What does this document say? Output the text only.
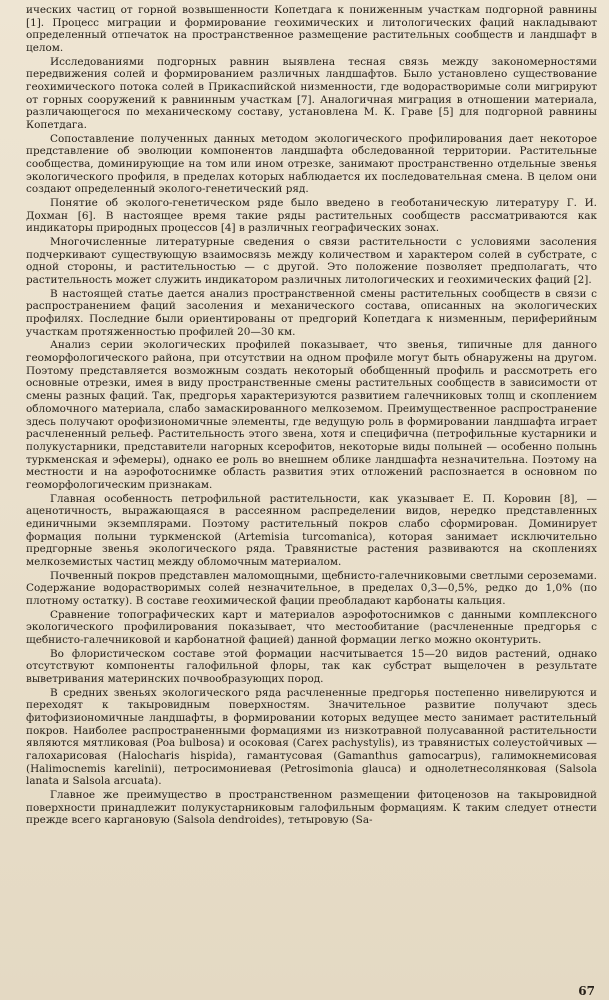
ических частиц от горной возвышенности Копетдага к пониженным участкам подгорной равнины [1]. Процесс миграции и формирование геохимических и литологических фаций накладывают определенный отпечаток на пространственное размещение растительных сообществ и ландшафт в целом.

Исследованиями подгорных равнин выявлена тесная связь между закономерностями передвижения солей и формированием различных ландшафтов. Было установлено существование геохимического потока солей в Прикаспийской низменности, где водорастворимые соли мигрируют от горных сооружений к равнинным участкам [7]. Аналогичная миграция в отношении материала, различающегося по механическому составу, установлена М. К. Граве [5] для подгорной равнины Копетдага.

Сопоставление полученных данных методом экологического профилирования дает некоторое представление об эволюции компонентов ландшафта обследованной территории. Растительные сообщества, доминирующие на том или ином отрезке, занимают пространственно отдельные звенья экологического профиля, в пределах которых наблюдается их последовательная смена. В целом они создают определенный эколого-генетический ряд.

Понятие об эколого-генетическом ряде было введено в геоботаническую литературу Г. И. Дохман [6]. В настоящее время такие ряды растительных сообществ рассматриваются как индикаторы природных процессов [4] в различных географических зонах.

Многочисленные литературные сведения о связи растительности с условиями засоления подчеркивают существующую взаимосвязь между количеством и характером солей в субстрате, с одной стороны, и растительностью — с другой. Это положение позволяет предполагать, что растительность может служить индикатором различных литологических и геохимических фаций [2].

В настоящей статье дается анализ пространственной смены растительных сообществ в связи с распространением фаций засоления и механического состава, описанных на экологических профилях. Последние были ориентированы от предгорий Копетдага к низменным, периферийным участкам протяженностью профилей 20—30 км.

Анализ серии экологических профилей показывает, что звенья, типичные для данного геоморфологического района, при отсутствии на одном профиле могут быть обнаружены на другом. Поэтому представляется возможным создать некоторый обобщенный профиль и рассмотреть его основные отрезки, имея в виду пространственные смены растительных сообществ в зависимости от смены разных фаций. Так, предгорья характеризуются развитием галечниковых толщ и скоплением обломочного материала, слабо замаскированного мелкоземом. Преимущественное распространение здесь получают орофизиономичные элементы, где ведущую роль в формировании ландшафта играет расчлененный рельеф. Растительность этого звена, хотя и специфична (петрофильные кустарники и полукустарники, представители нагорных ксерофитов, некоторые виды полыней — особенно полынь туркменская и эфемеры), однако ее роль во внешнем облике ландшафта незначительна. Поэтому на местности и на аэрофотоснимке область развития этих отложений распознается в основном по геоморфологическим признакам.

Главная особенность петрофильной растительности, как указывает Е. П. Коровин [8], — аценотичность, выражающаяся в рассеянном распределении видов, нередко представленных единичными экземплярами. Поэтому растительный покров слабо сформирован. Доминирует формация полыни туркменской (Artemisia turcomanica), которая занимает исключительно предгорные звенья экологического ряда. Травянистые растения развиваются на скоплениях мелкоземистых частиц между обломочным материалом.

Почвенный покров представлен маломощными, щебнисто-галечниковыми светлыми сероземами. Содержание водорастворимых солей незначительное, в пределах 0,3—0,5%, редко до 1,0% (по плотному остатку). В составе геохимической фации преобладают карбонаты кальция.

Сравнение топографических карт и материалов аэрофотоснимков с данными комплексного экологического профилирования показывает, что местообитание (расчлененные предгорья с щебнисто-галечниковой и карбонатной фацией) данной формации легко можно оконтурить.

Во флористическом составе этой формации насчитывается 15—20 видов растений, однако отсутствуют компоненты галофильной флоры, так как субстрат выщелочен в результате выветривания материнских почвообразующих пород.

В средних звеньях экологического ряда расчлененные предгорья постепенно нивелируются и переходят к такыровидным поверхностям. Значительное развитие получают здесь фитофизиономичные ландшафты, в формировании которых ведущее место занимает растительный покров. Наиболее распространенными формациями из низкотравной полусаванной растительности являются мятликовая (Poa bulbosa) и осоковая (Carex pachystylis), из травянистых солеустойчивых — галохарисовая (Halocharis hispida), гамантусовая (Gamanthus gamocarpus), галимокнемисовая (Halimocnemis karelinii), петросимониевая (Petrosimonia glauca) и однолетнесолянковая (Salsola lanata и Salsola arcuata).

Главное же преимущество в пространственном размещении фитоценозов на такыровидной поверхности принадлежит полукустарниковым галофильным формациям. К таким следует отнести прежде всего каргановую (Salsola dendroides), тетыровую (Sa-

67
